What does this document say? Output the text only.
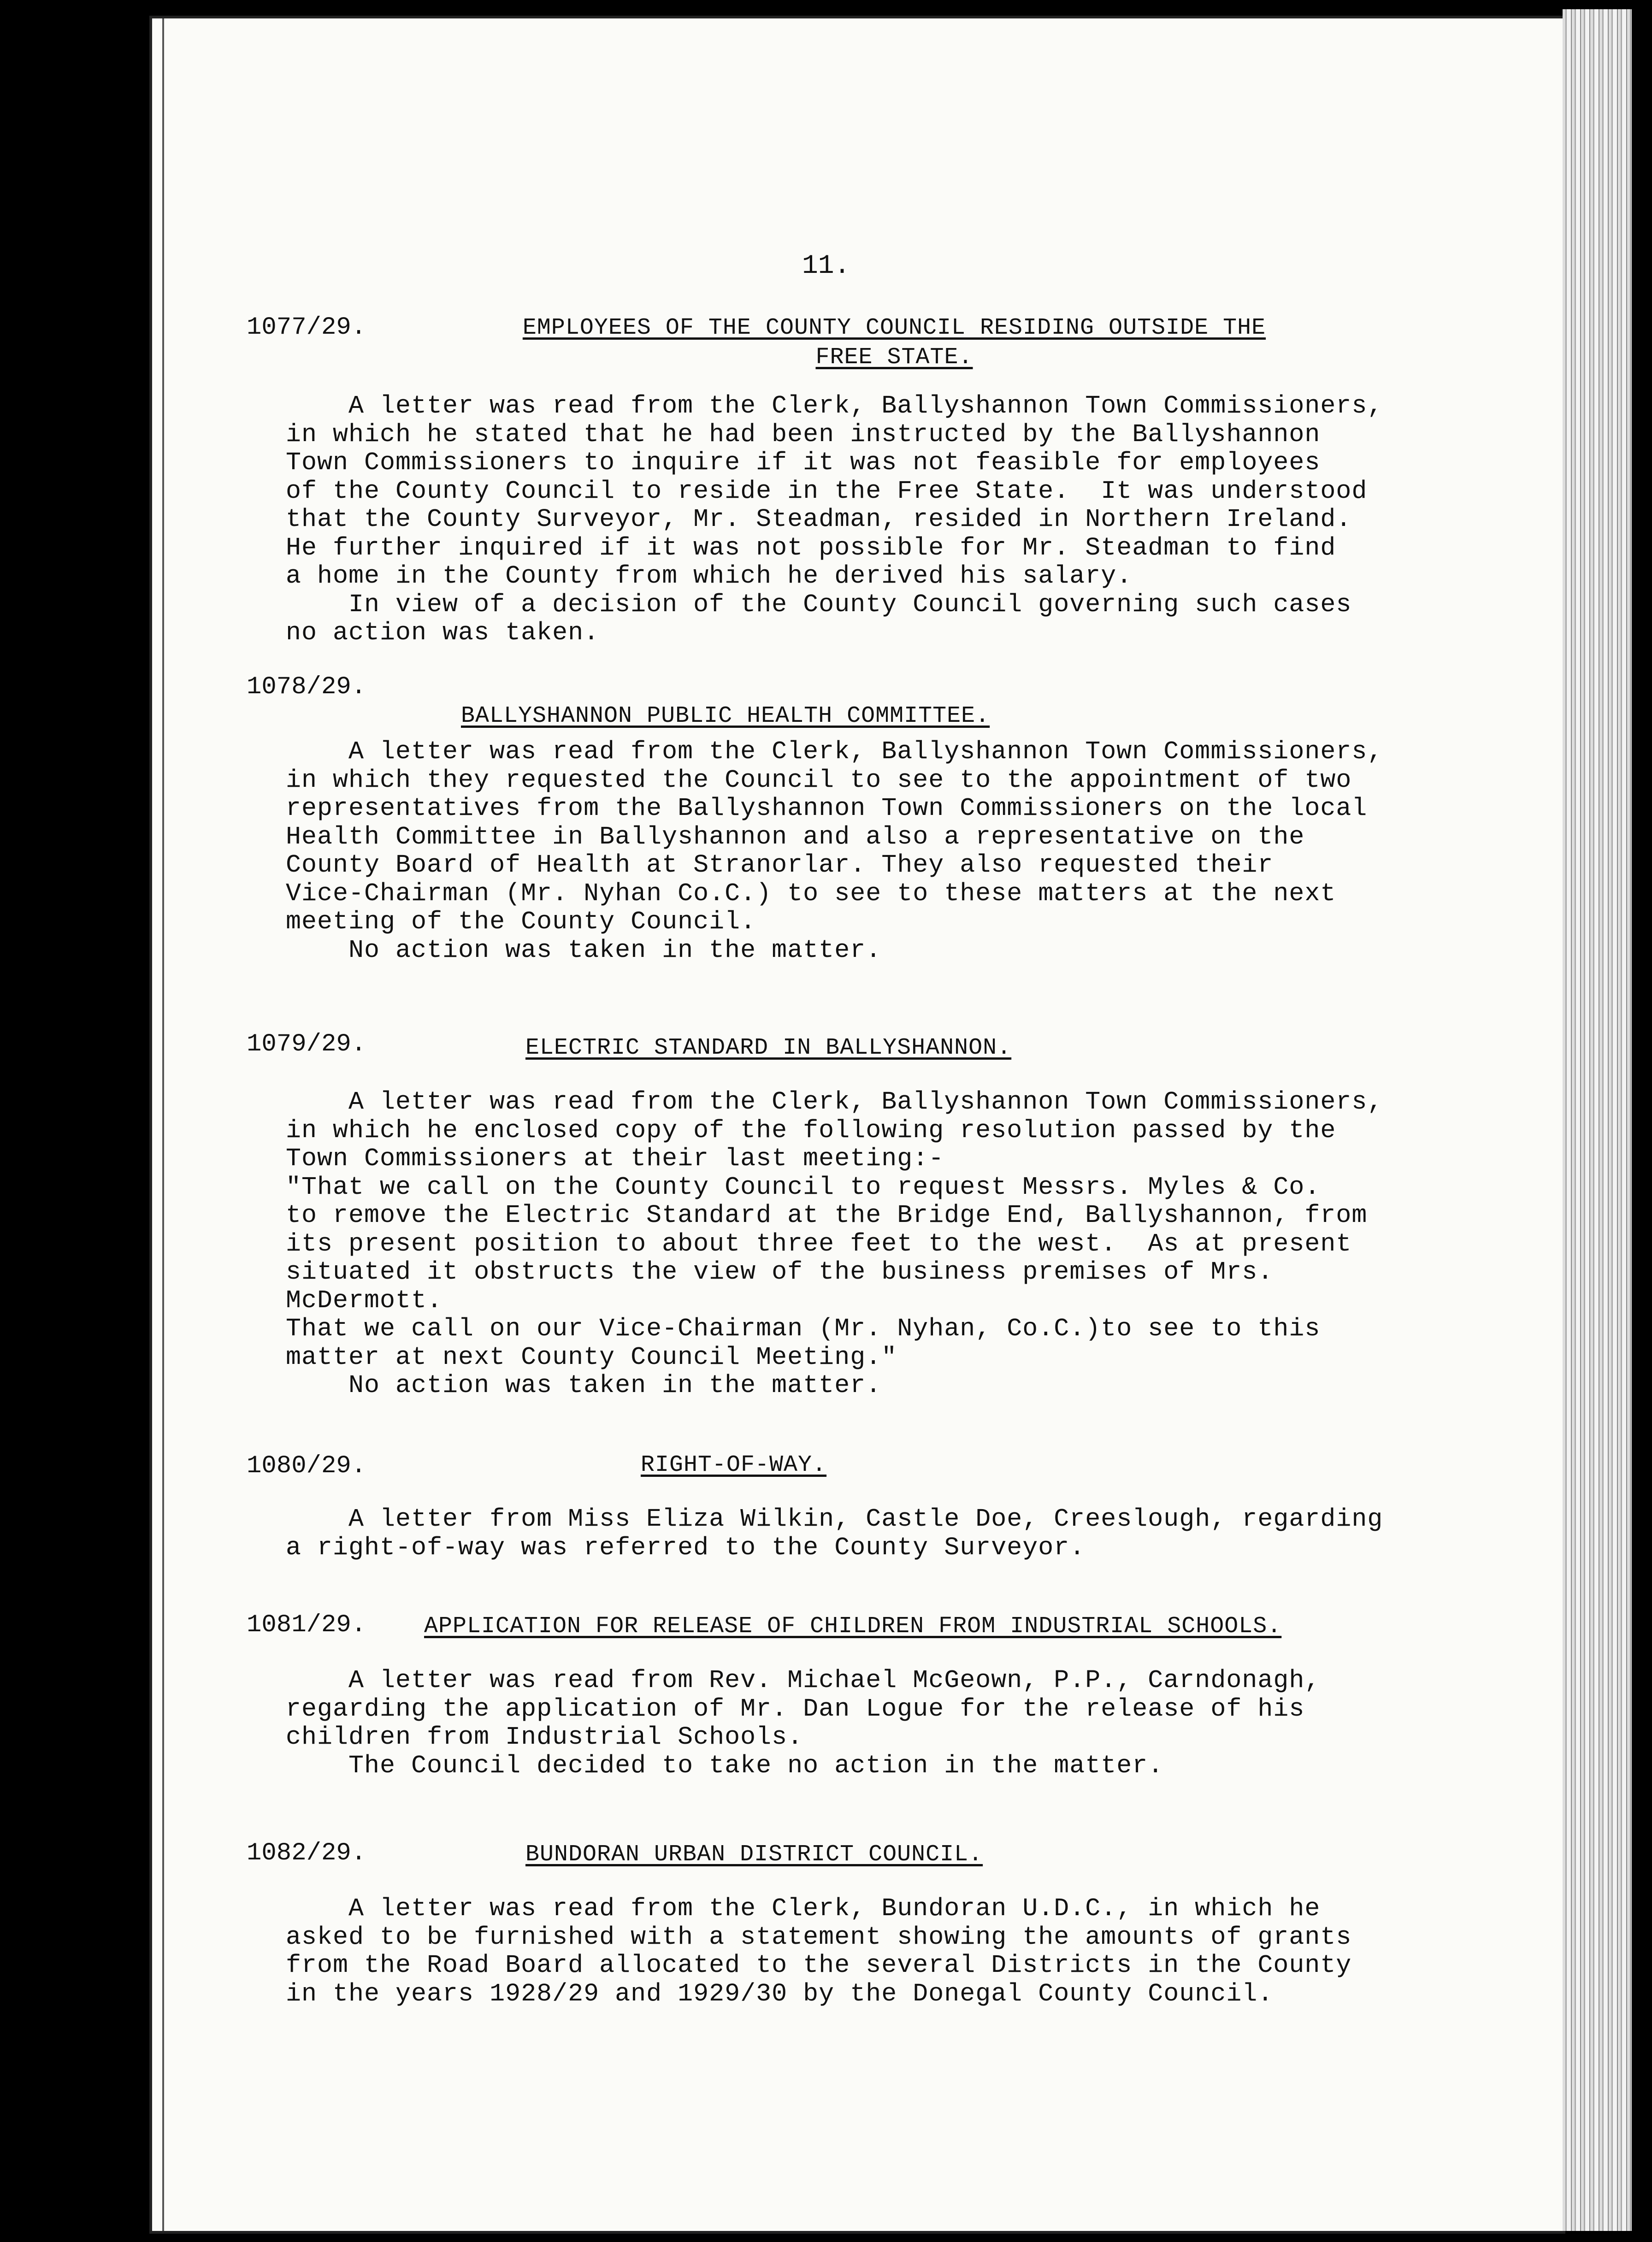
11.
1077/29.	EMPLOYEES OF THE COUNTY COUNCIL RESIDING OUTSIDE THE
FREE STATE.
A letter was read from the Clerk, Ballyshannon Town Commissioners,
in which he stated that he had been instructed by the Ballyshannon
Town Commissioners to inquire if it was not feasible for employees
of the County Council to reside in the Free State.  It was understood
that the County Surveyor, Mr. Steadman, resided in Northern Ireland.
He further inquired if it was not possible for Mr. Steadman to find
a home in the County from which he derived his salary.
In view of a decision of the County Council governing such cases
no action was taken.
1078/29.
BALLYSHANNON PUBLIC HEALTH COMMITTEE.
A letter was read from the Clerk, Ballyshannon Town Commissioners,
in which they requested the Council to see to the appointment of two
representatives from the Ballyshannon Town Commissioners on the local
Health Committee in Ballyshannon and also a representative on the
County Board of Health at Stranorlar. They also requested their
Vice-Chairman (Mr. Nyhan Co.C.) to see to these matters at the next
meeting of the County Council.
No action was taken in the matter.
1079/29.	ELECTRIC STANDARD IN BALLYSHANNON.
A letter was read from the Clerk, Ballyshannon Town Commissioners,
in which he enclosed copy of the following resolution passed by the
Town Commissioners at their last meeting:-
"That we call on the County Council to request Messrs. Myles & Co.
to remove the Electric Standard at the Bridge End, Ballyshannon, from
its present position to about three feet to the west.  As at present
situated it obstructs the view of the business premises of Mrs.
McDermott.
That we call on our Vice-Chairman (Mr. Nyhan, Co.C.)to see to this
matter at next County Council Meeting."
No action was taken in the matter.
1080/29.	RIGHT-OF-WAY.
A letter from Miss Eliza Wilkin, Castle Doe, Creeslough, regarding
a right-of-way was referred to the County Surveyor.
1081/29.	APPLICATION FOR RELEASE OF CHILDREN FROM INDUSTRIAL SCHOOLS.
A letter was read from Rev. Michael McGeown, P.P., Carndonagh,
regarding the application of Mr. Dan Logue for the release of his
children from Industrial Schools.
The Council decided to take no action in the matter.
1082/29.	BUNDORAN URBAN DISTRICT COUNCIL.
A letter was read from the Clerk, Bundoran U.D.C., in which he
asked to be furnished with a statement showing the amounts of grants
from the Road Board allocated to the several Districts in the County
in the years 1928/29 and 1929/30 by the Donegal County Council.
